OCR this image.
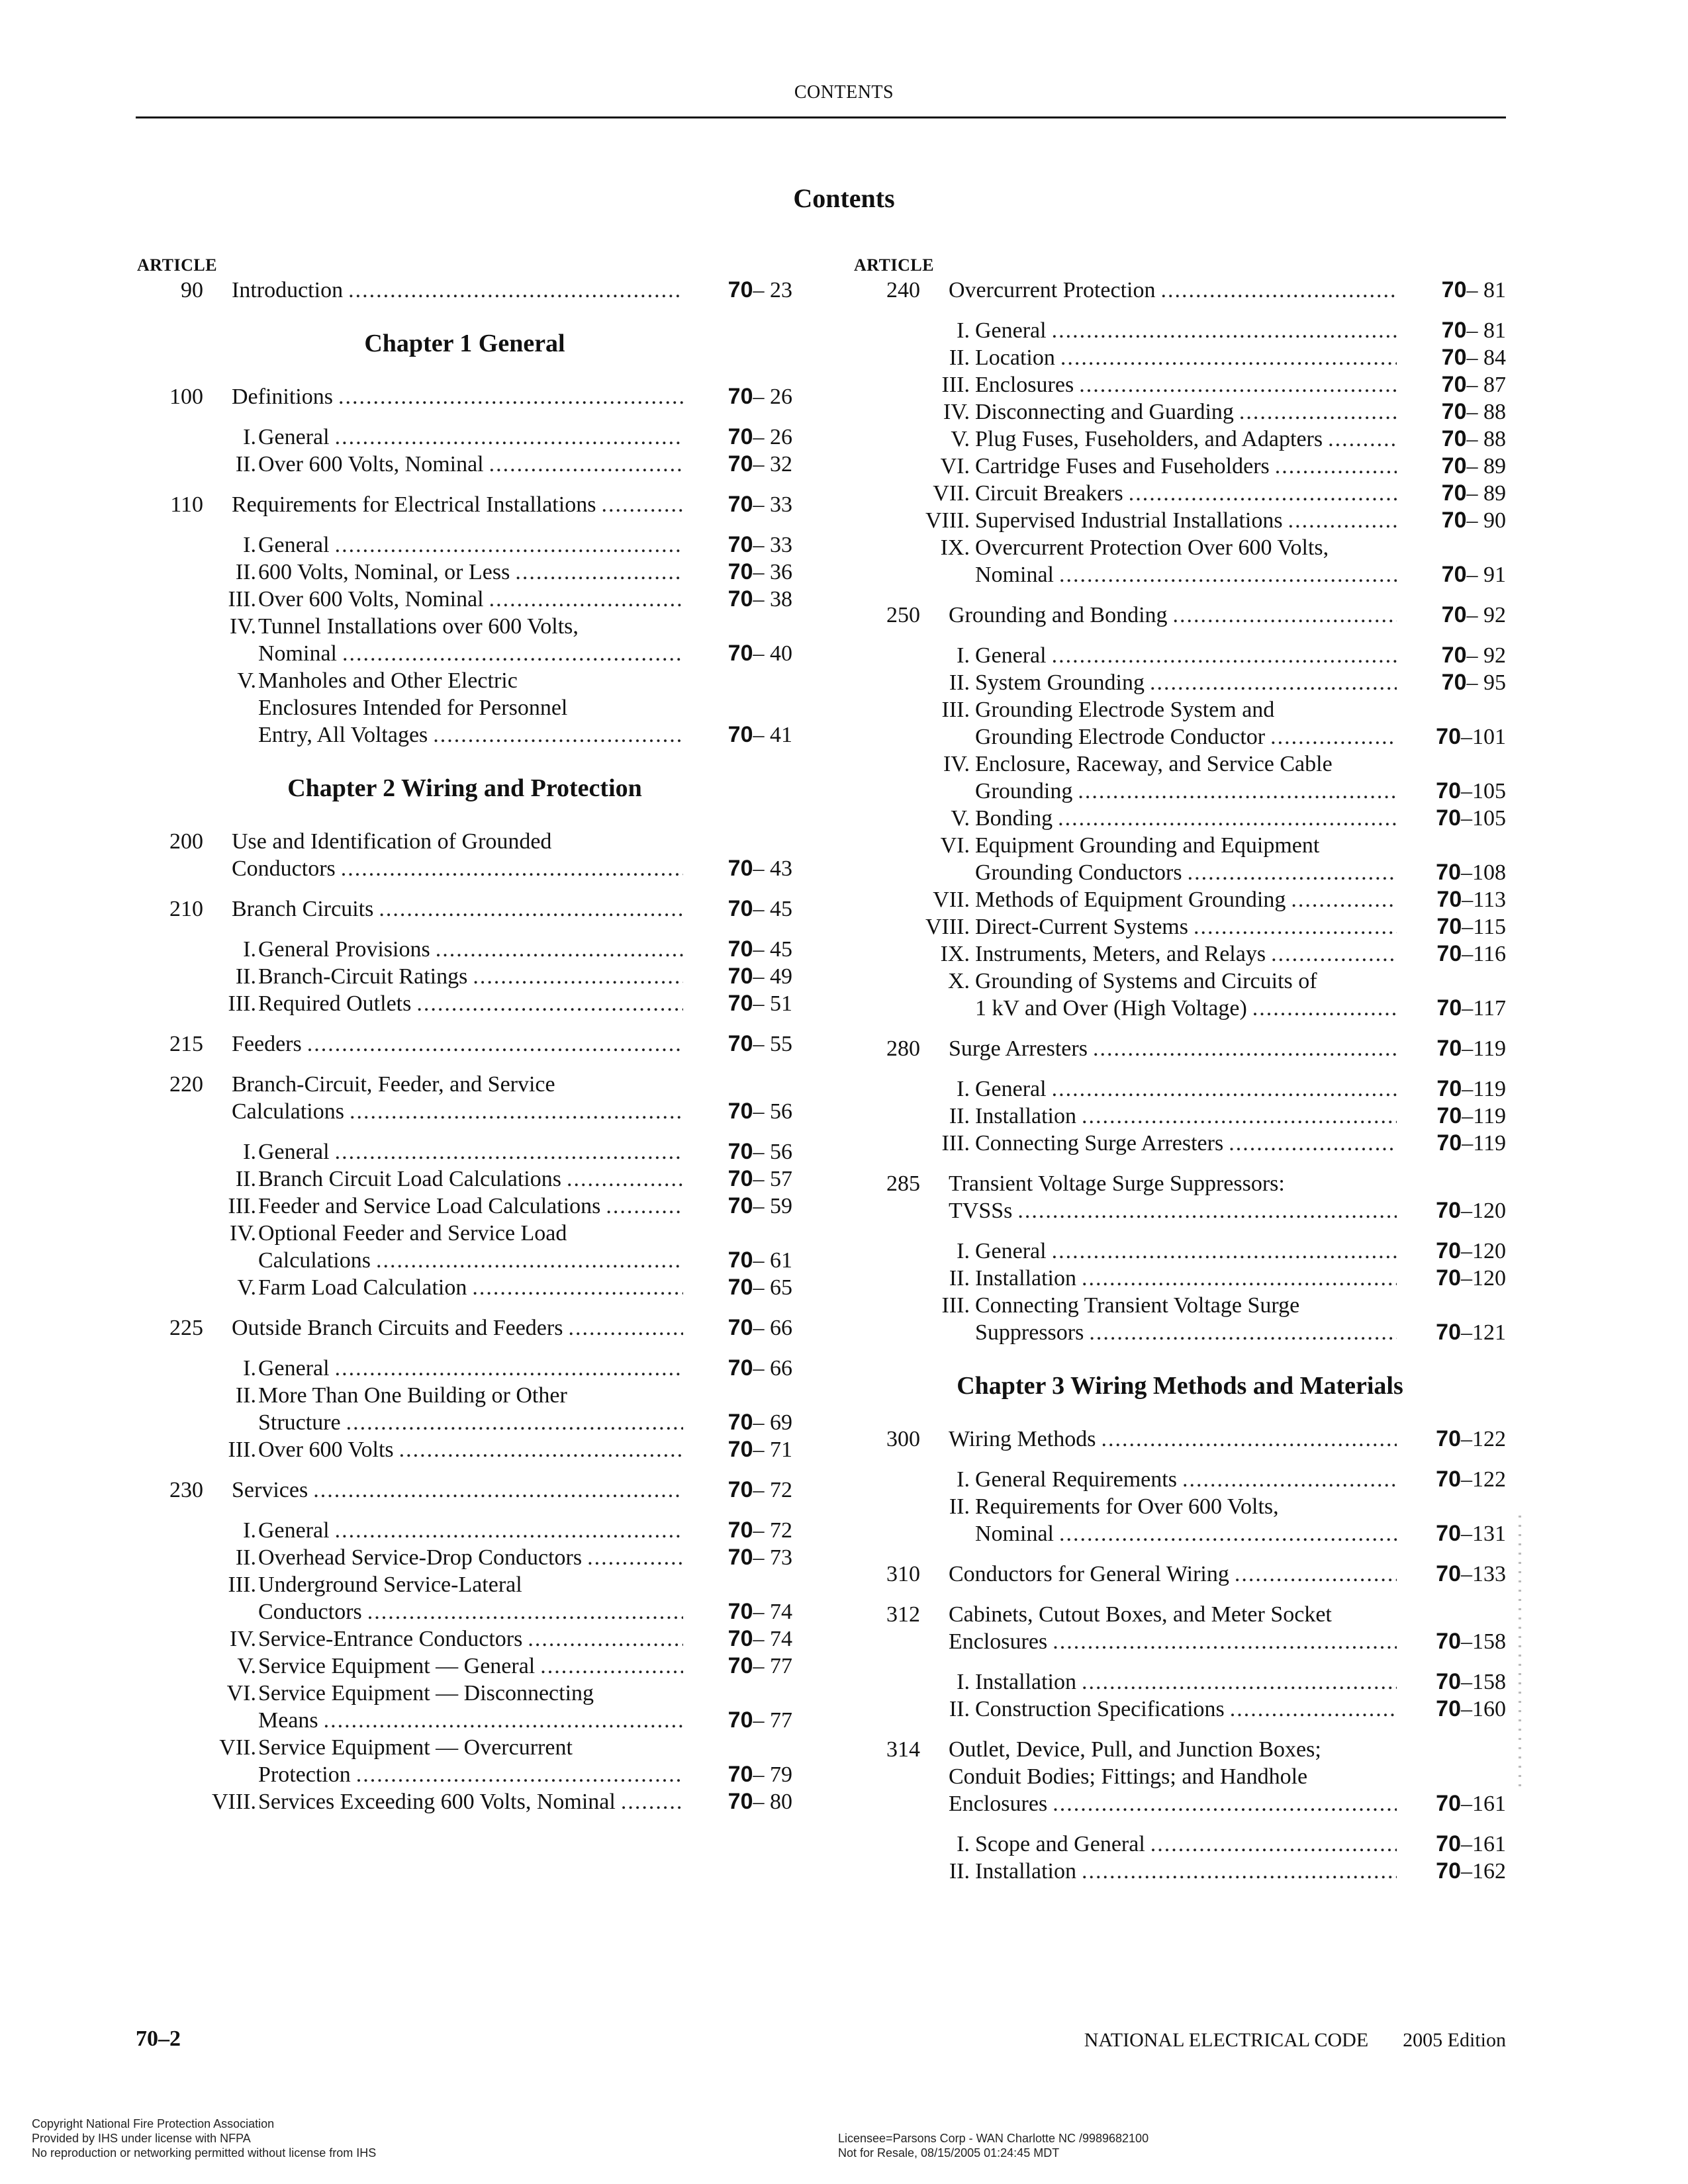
CONTENTS
Contents
ARTICLE
90 Introduction .....	70 – 23
Chapter 1 General
100 Definitions .....	70 – 26
I. General .....	70 – 26
II. Over 600 Volts, Nominal .....	70 – 32
110 Requirements for Electrical Installations .....	70 – 33
I. General .....	70 – 33
II. 600 Volts, Nominal, or Less .....	70 – 36
III. Over 600 Volts, Nominal .....	70 – 38
IV. Tunnel Installations over 600 Volts,
Nominal .....	70 – 40
V. Manholes and Other Electric
Enclosures Intended for Personnel
Entry, All Voltages .....	70 – 41
Chapter 2 Wiring and Protection
200 Use and Identification of Grounded
Conductors .....	70 – 43
210 Branch Circuits .....	70 – 45
I. General Provisions .....	70 – 45
II. Branch-Circuit Ratings .....	70 – 49
III. Required Outlets .....	70 – 51
215 Feeders .....	70 – 55
220 Branch-Circuit, Feeder, and Service
Calculations .....	70 – 56
I. General .....	70 – 56
II. Branch Circuit Load Calculations .....	70 – 57
III. Feeder and Service Load Calculations .....	70 – 59
IV. Optional Feeder and Service Load
Calculations .....	70 – 61
V. Farm Load Calculation .....	70 – 65
225 Outside Branch Circuits and Feeders .....	70 – 66
I. General .....	70 – 66
II. More Than One Building or Other
Structure .....	70 – 69
III. Over 600 Volts .....	70 – 71
230 Services .....	70 – 72
I. General .....	70 – 72
II. Overhead Service-Drop Conductors .....	70 – 73
III. Underground Service-Lateral
Conductors .....	70 – 74
IV. Service-Entrance Conductors .....	70 – 74
V. Service Equipment — General .....	70 – 77
VI. Service Equipment — Disconnecting
Means .....	70 – 77
VII. Service Equipment — Overcurrent
Protection .....	70 – 79
VIII. Services Exceeding 600 Volts, Nominal .....	70 – 80
ARTICLE
240 Overcurrent Protection .....	70 – 81
I. General .....	70 – 81
II. Location .....	70 – 84
III. Enclosures .....	70 – 87
IV. Disconnecting and Guarding .....	70 – 88
V. Plug Fuses, Fuseholders, and Adapters .....	70 – 88
VI. Cartridge Fuses and Fuseholders .....	70 – 89
VII. Circuit Breakers .....	70 – 89
VIII. Supervised Industrial Installations .....	70 – 90
IX. Overcurrent Protection Over 600 Volts,
Nominal .....	70 – 91
250 Grounding and Bonding .....	70 – 92
I. General .....	70 – 92
II. System Grounding .....	70 – 95
III. Grounding Electrode System and
Grounding Electrode Conductor .....	70 –101
IV. Enclosure, Raceway, and Service Cable
Grounding .....	70 –105
V. Bonding .....	70 –105
VI. Equipment Grounding and Equipment
Grounding Conductors .....	70 –108
VII. Methods of Equipment Grounding .....	70 –113
VIII. Direct-Current Systems .....	70 –115
IX. Instruments, Meters, and Relays .....	70 –116
X. Grounding of Systems and Circuits of
1 kV and Over (High Voltage) .....	70 –117
280 Surge Arresters .....	70 –119
I. General .....	70 –119
II. Installation .....	70 –119
III. Connecting Surge Arresters .....	70 –119
285 Transient Voltage Surge Suppressors:
TVSSs .....	70 –120
I. General .....	70 –120
II. Installation .....	70 –120
III. Connecting Transient Voltage Surge
Suppressors .....	70 –121
Chapter 3 Wiring Methods and Materials
300 Wiring Methods .....	70 –122
I. General Requirements .....	70 –122
II. Requirements for Over 600 Volts,
Nominal .....	70 –131
310 Conductors for General Wiring .....	70 –133
312 Cabinets, Cutout Boxes, and Meter Socket
Enclosures .....	70 –158
I. Installation .....	70 –158
II. Construction Specifications .....	70 –160
314 Outlet, Device, Pull, and Junction Boxes;
Conduit Bodies; Fittings; and Handhole
Enclosures .....	70 –161
I. Scope and General .....	70 –161
II. Installation .....	70 –162
70–2	NATIONAL ELECTRICAL CODE 2005 Edition
Copyright National Fire Protection Association
Provided by IHS under license with NFPA
No reproduction or networking permitted without license from IHS
Licensee=Parsons Corp - WAN Charlotte NC /9989682100
Not for Resale, 08/15/2005 01:24:45 MDT
